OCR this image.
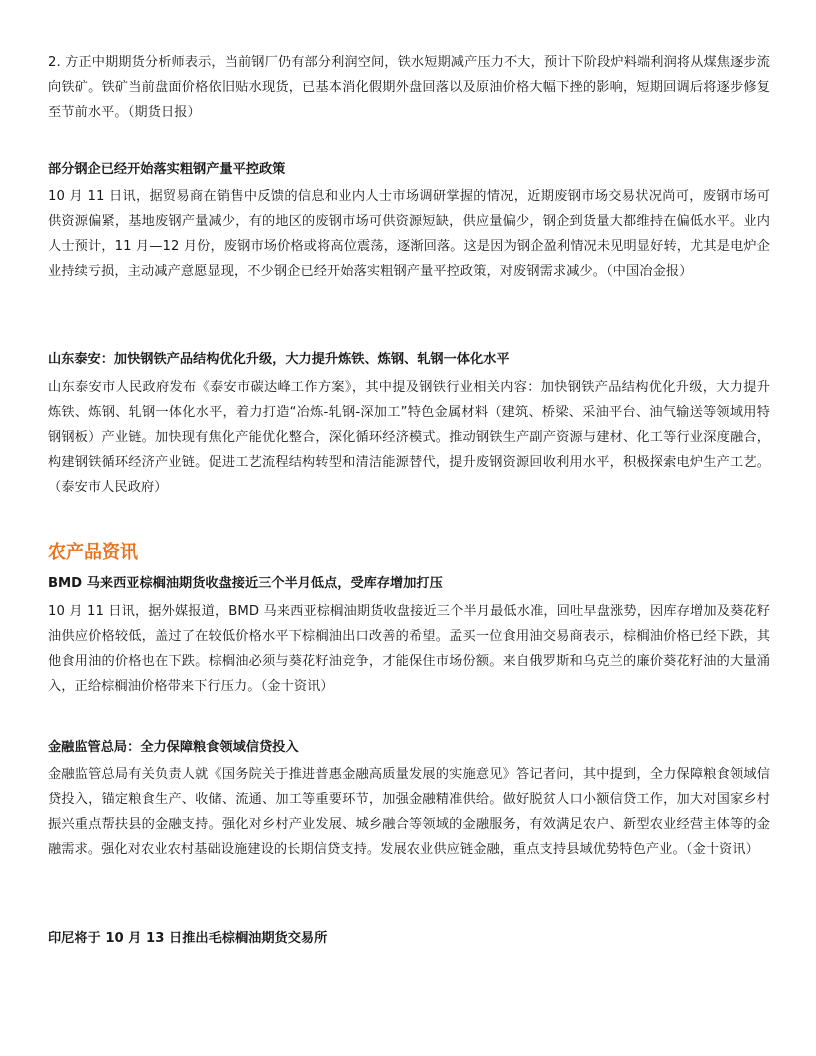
2. 方正中期期货分析师表示，当前钢厂仍有部分利润空间，铁水短期减产压力不大，预计下阶段炉料端利润将从煤焦逐步流向铁矿。铁矿当前盘面价格依旧贴水现货，已基本消化假期外盘回落以及原油价格大幅下挫的影响，短期回调后将逐步修复至节前水平。（期货日报）

部分钢企已经开始落实粗钢产量平控政策

10 月 11 日讯，据贸易商在销售中反馈的信息和业内人士市场调研掌握的情况，近期废钢市场交易状况尚可，废钢市场可供资源偏紧，基地废钢产量减少，有的地区的废钢市场可供资源短缺，供应量偏少，钢企到货量大都维持在偏低水平。业内人士预计，11 月—12 月份，废钢市场价格或将高位震荡，逐渐回落。这是因为钢企盈利情况未见明显好转，尤其是电炉企业持续亏损，主动减产意愿显现，不少钢企已经开始落实粗钢产量平控政策，对废钢需求减少。（中国冶金报）

山东泰安：加快钢铁产品结构优化升级，大力提升炼铁、炼钢、轧钢一体化水平

山东泰安市人民政府发布《泰安市碳达峰工作方案》，其中提及钢铁行业相关内容：加快钢铁产品结构优化升级，大力提升炼铁、炼钢、轧钢一体化水平，着力打造“冶炼-轧钢-深加工”特色金属材料（建筑、桥梁、采油平台、油气输送等领域用特钢钢板）产业链。加快现有焦化产能优化整合，深化循环经济模式。推动钢铁生产副产资源与建材、化工等行业深度融合，构建钢铁循环经济产业链。促进工艺流程结构转型和清洁能源替代，提升废钢资源回收利用水平，积极探索电炉生产工艺。（泰安市人民政府）

农产品资讯

BMD 马来西亚棕榈油期货收盘接近三个半月低点，受库存增加打压

10 月 11 日讯，据外媒报道，BMD 马来西亚棕榈油期货收盘接近三个半月最低水准，回吐早盘涨势，因库存增加及葵花籽油供应价格较低，盖过了在较低价格水平下棕榈油出口改善的希望。孟买一位食用油交易商表示，棕榈油价格已经下跌，其他食用油的价格也在下跌。棕榈油必须与葵花籽油竞争，才能保住市场份额。来自俄罗斯和乌克兰的廉价葵花籽油的大量涌入，正给棕榈油价格带来下行压力。（金十资讯）

金融监管总局：全力保障粮食领域信贷投入

金融监管总局有关负责人就《国务院关于推进普惠金融高质量发展的实施意见》答记者问，其中提到，全力保障粮食领域信贷投入，锚定粮食生产、收储、流通、加工等重要环节，加强金融精准供给。做好脱贫人口小额信贷工作，加大对国家乡村振兴重点帮扶县的金融支持。强化对乡村产业发展、城乡融合等领域的金融服务，有效满足农户、新型农业经营主体等的金融需求。强化对农业农村基础设施建设的长期信贷支持。发展农业供应链金融，重点支持县域优势特色产业。（金十资讯）

印尼将于 10 月 13 日推出毛棕榈油期货交易所
